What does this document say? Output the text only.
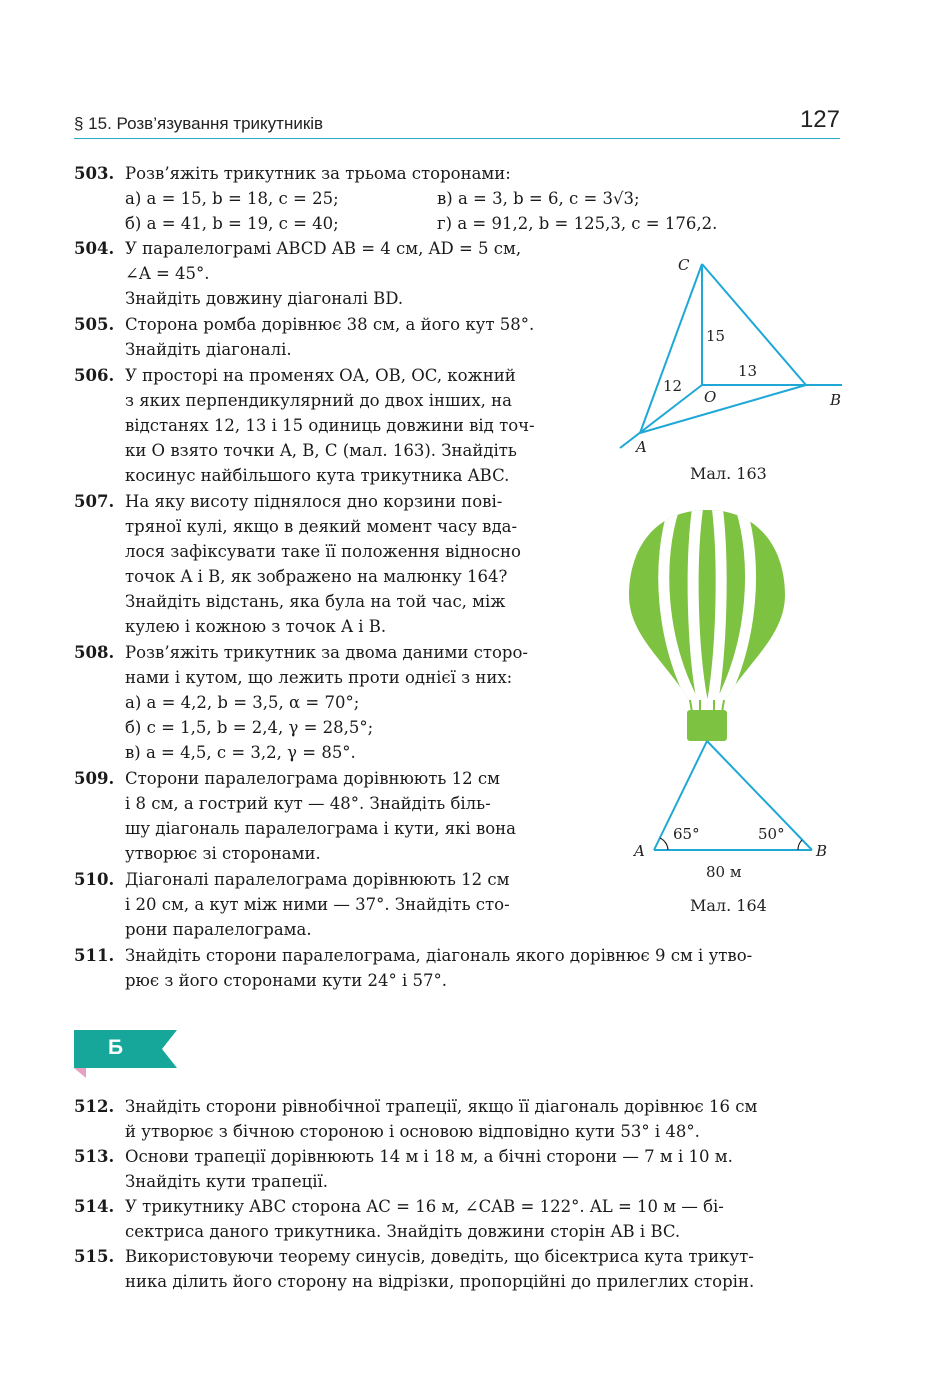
§ 15. Розв’язування трикутників	127
503. Розв’яжіть трикутник за трьома сторонами:
а) a = 15, b = 18, c = 25;
б) a = 41, b = 19, c = 40;
в) a = 3, b = 6, c = 3√3;
г) a = 91,2, b = 125,3, c = 176,2.
504. У паралелограмі ABCD AB = 4 см, AD = 5 см,
∠A = 45°.
Знайдіть довжину діагоналі BD.
505. Сторона ромба дорівнює 38 см, а його кут 58°.
Знайдіть діагоналі.
506. У просторі на променях OA, OB, OC, кожний
з яких перпендикулярний до двох інших, на
відстанях 12, 13 і 15 одиниць довжини від точ-
ки O взято точки A, B, C (мал. 163). Знайдіть
косинус найбільшого кута трикутника ABC.
507. На яку висоту піднялося дно корзини пові-
тряної кулі, якщо в деякий момент часу вда-
лося зафіксувати таке її положення відносно
точок A і B, як зображено на малюнку 164?
Знайдіть відстань, яка була на той час, між
кулею і кожною з точок A і B.
508. Розв’яжіть трикутник за двома даними сторо-
нами і кутом, що лежить проти однієї з них:
а) a = 4,2, b = 3,5, α = 70°;
б) c = 1,5, b = 2,4, γ = 28,5°;
в) a = 4,5, c = 3,2, γ = 85°.
509. Сторони паралелограма дорівнюють 12 см
і 8 см, а гострий кут — 48°. Знайдіть біль-
шу діагональ паралелограма і кути, які вона
утворює зі сторонами.
510. Діагоналі паралелограма дорівнюють 12 см
і 20 см, а кут між ними — 37°. Знайдіть сто-
рони паралелограма.
511. Знайдіть сторони паралелограма, діагональ якого дорівнює 9 см і утво-
рює з його сторонами кути 24° і 57°.
Б
512. Знайдіть сторони рівнобічної трапеції, якщо її діагональ дорівнює 16 см
й утворює з бічною стороною і основою відповідно кути 53° і 48°.
513. Основи трапеції дорівнюють 14 м і 18 м, а бічні сторони — 7 м і 10 м.
Знайдіть кути трапеції.
514. У трикутнику ABC сторона AC = 16 м, ∠CAB = 122°. AL = 10 м — бі-
сектриса даного трикутника. Знайдіть довжини сторін AB і BC.
515. Використовуючи теорему синусів, доведіть, що бісектриса кута трикут-
ника ділить його сторону на відрізки, пропорційні до прилеглих сторін.
C
15
13
12
O	B
A
Мал. 163
65°	50°
A	B
80 м
Мал. 164
